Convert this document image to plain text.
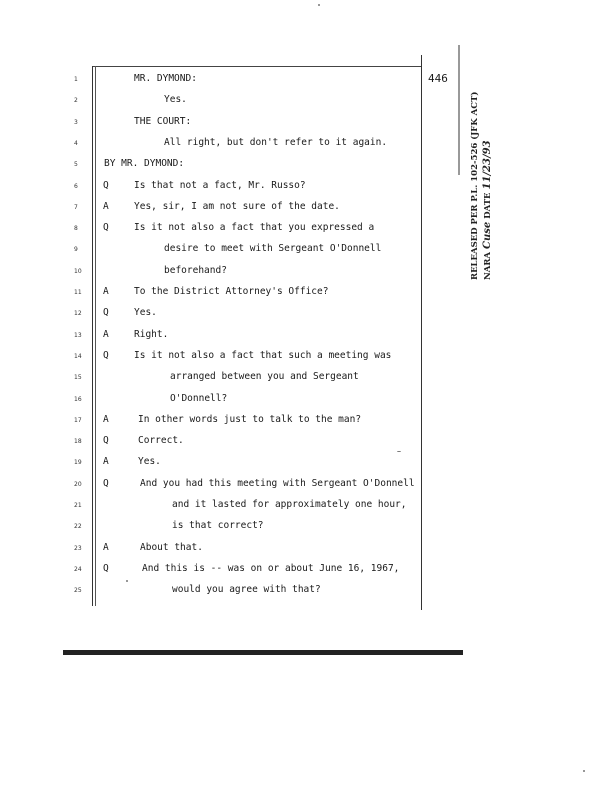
446
1	MR. DYMOND:
2	Yes.
3	THE COURT:
4	All right, but don't refer to it again.
5	BY MR. DYMOND:
6	Q	Is that not a fact, Mr. Russo?
7	A	Yes, sir, I am not sure of the date.
8	Q	Is it not also a fact that you expressed a
9	desire to meet with Sergeant O'Donnell
10	beforehand?
11 A	To the District Attorney's Office?
12 Q	Yes.
13 A	Right.
14 Q	Is it not also a fact that such a meeting was
15	arranged between you and Sergeant
16	O'Donnell?
17 A	In other words just to talk to the man?
18 Q	Correct.
19 A	Yes.
20 Q	And you had this meeting with Sergeant O'Donnell
21	and it lasted for approximately one hour,
22	is that correct?
23 A	About that.
24 Q	And this is -- was on or about June 16, 1967,
25	would you agree with that?
RELEASED PER P.L. 102-526 (JFK ACT) NARA Cuse DATE 11/23/93
